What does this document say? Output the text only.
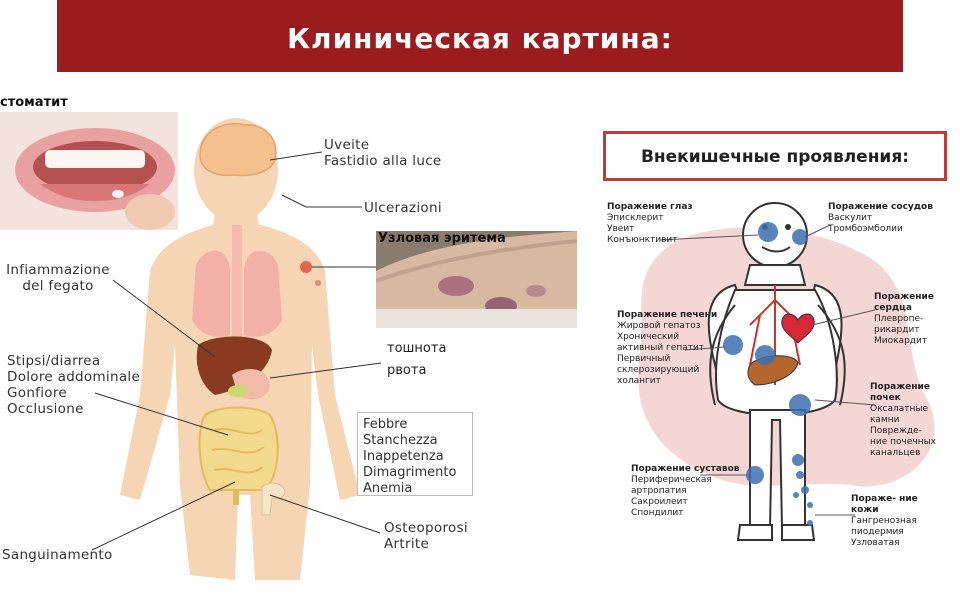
Клиническая картина:
стоматит
Узловая эритема
тошнота
рвота
Uveite
Fastidio alla luce
Ulcerazioni
Infiammazione
del fegato
Stipsi/diarrea
Dolore addominale
Gonfiore
Occlusione
Febbre
Stanchezza
Inappetenza
Dimagrimento
Anemia
Osteoporosi
Artrite
Sanguinamento
Внекишечные проявления:
Поражение глаз
Эписклерит
Увеит
Конъюнктивит
Поражение сосудов
Васкулит
Тромбоэмболии
Поражение печени
Жировой гепатоз
Хронический
активный гепатит
Первичный
склерозирующий
холангит
Поражение сердца
Плевропе-
рикардит
Миокардит
Поражение почек
Оксалатные
камни
Поврежде-
ние почечных
канальцев
Поражение суставов
Периферическая
артропатия
Сакроилеит
Спондилит
Пораже- ние кожи
Гангренозная
пиодермия
Узловатая
